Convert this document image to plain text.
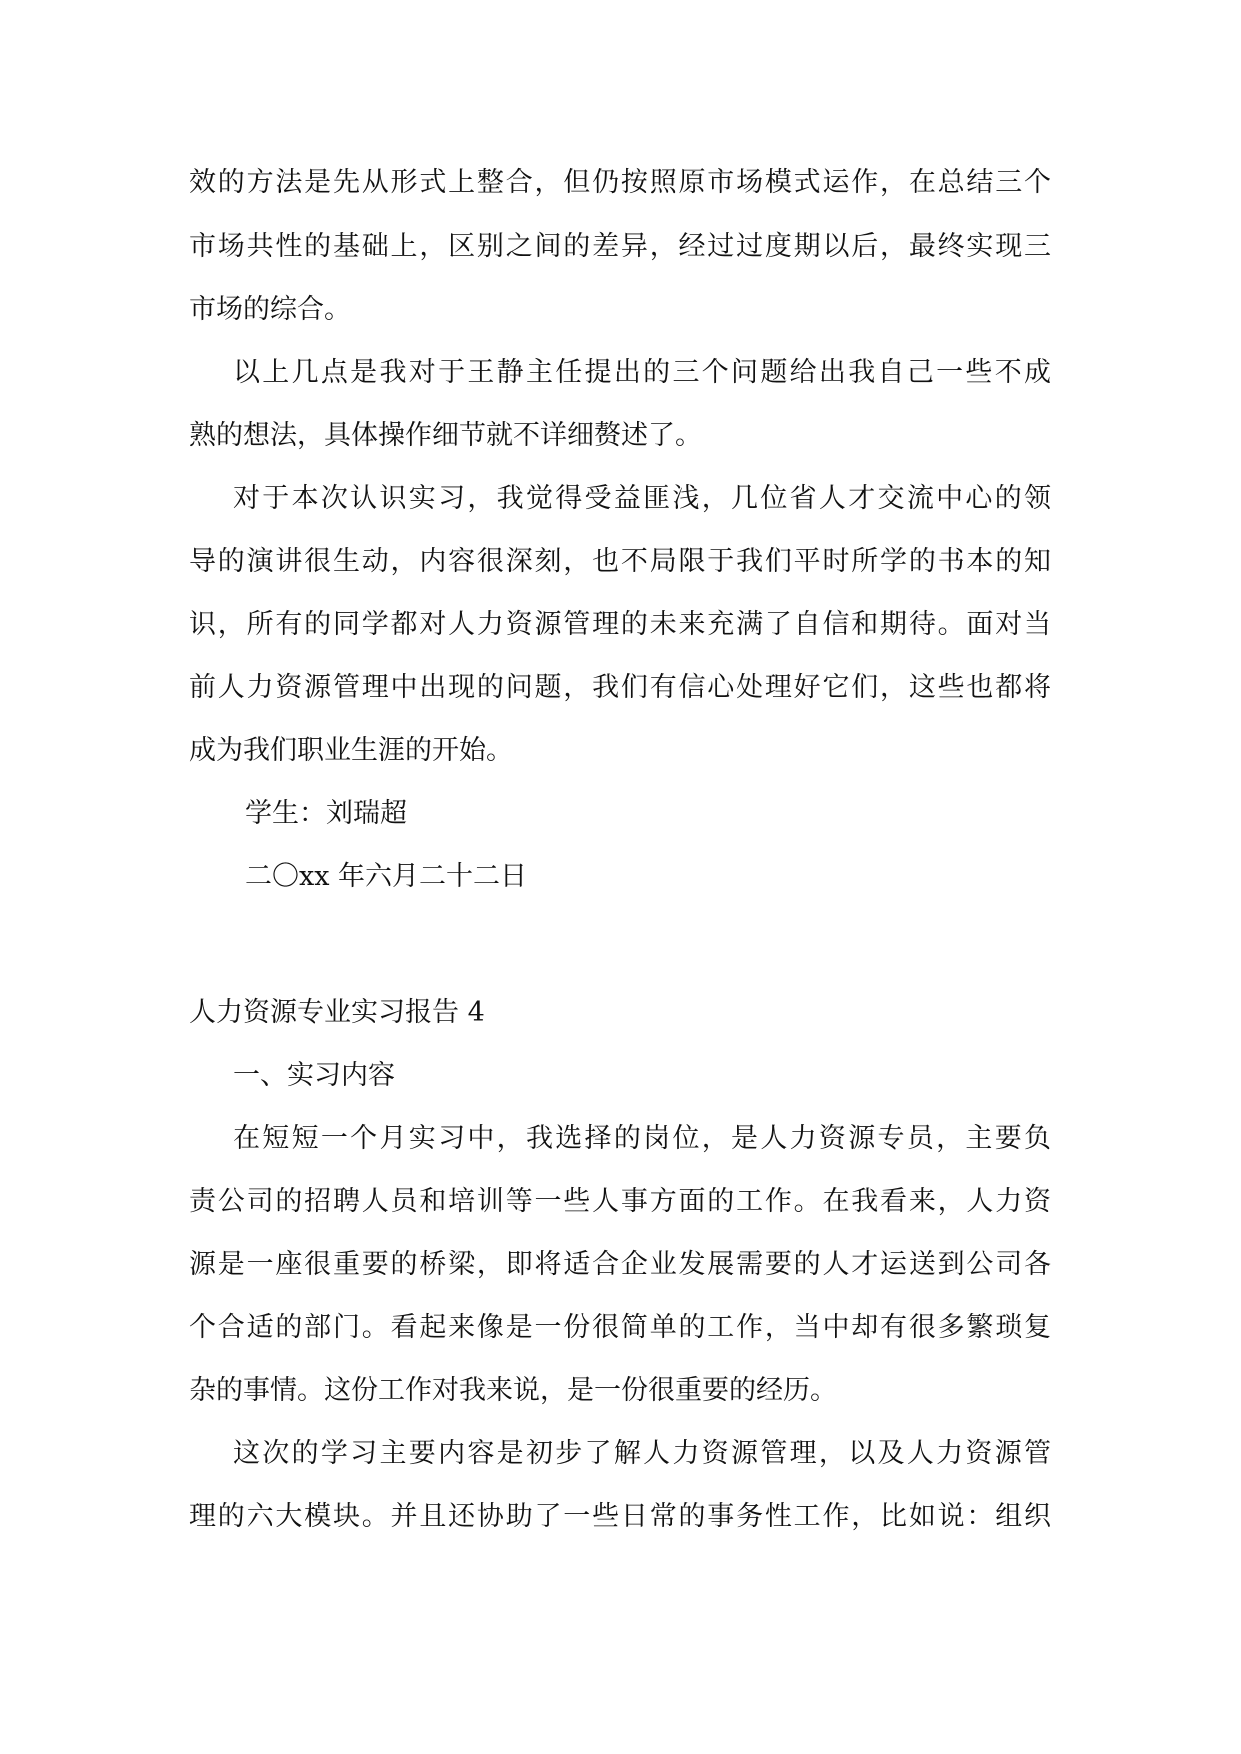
效的方法是先从形式上整合，但仍按照原市场模式运作，在总结三个

市场共性的基础上，区别之间的差异，经过过度期以后，最终实现三

市场的综合。

以上几点是我对于王静主任提出的三个问题给出我自己一些不成

熟的想法，具体操作细节就不详细赘述了。

对于本次认识实习，我觉得受益匪浅，几位省人才交流中心的领

导的演讲很生动，内容很深刻，也不局限于我们平时所学的书本的知

识，所有的同学都对人力资源管理的未来充满了自信和期待。面对当

前人力资源管理中出现的问题，我们有信心处理好它们，这些也都将

成为我们职业生涯的开始。

学生：刘瑞超

二〇xx 年六月二十二日

人力资源专业实习报告 4

一、实习内容

在短短一个月实习中，我选择的岗位，是人力资源专员，主要负

责公司的招聘人员和培训等一些人事方面的工作。在我看来，人力资

源是一座很重要的桥梁，即将适合企业发展需要的人才运送到公司各

个合适的部门。看起来像是一份很简单的工作，当中却有很多繁琐复

杂的事情。这份工作对我来说，是一份很重要的经历。

这次的学习主要内容是初步了解人力资源管理，以及人力资源管

理的六大模块。并且还协助了一些日常的事务性工作，比如说：组织
